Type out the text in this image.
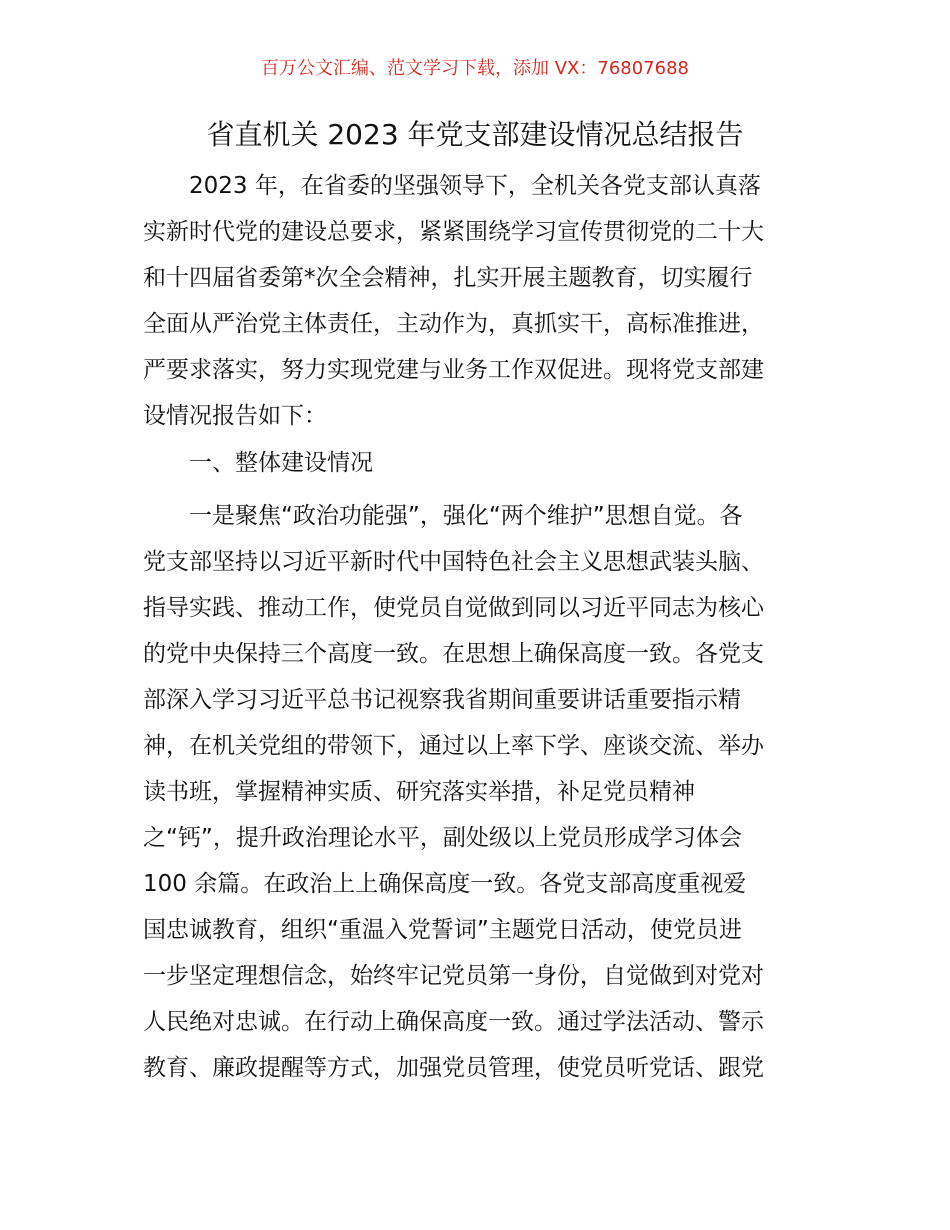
百万公文汇编、范文学习下载，添加 VX：76807688
省直机关 2023 年党支部建设情况总结报告
2023 年，在省委的坚强领导下，全机关各党支部认真落
实新时代党的建设总要求，紧紧围绕学习宣传贯彻党的二十大
和十四届省委第*次全会精神，扎实开展主题教育，切实履行
全面从严治党主体责任，主动作为，真抓实干，高标准推进，
严要求落实，努力实现党建与业务工作双促进。现将党支部建
设情况报告如下：
一、整体建设情况
一是聚焦“政治功能强”，强化“两个维护”思想自觉。各
党支部坚持以习近平新时代中国特色社会主义思想武装头脑、
指导实践、推动工作，使党员自觉做到同以习近平同志为核心
的党中央保持三个高度一致。在思想上确保高度一致。各党支
部深入学习习近平总书记视察我省期间重要讲话重要指示精
神，在机关党组的带领下，通过以上率下学、座谈交流、举办
读书班，掌握精神实质、研究落实举措，补足党员精神
之“钙”，提升政治理论水平，副处级以上党员形成学习体会
100 余篇。在政治上上确保高度一致。各党支部高度重视爱
国忠诚教育，组织“重温入党誓词”主题党日活动，使党员进
一步坚定理想信念，始终牢记党员第一身份，自觉做到对党对
人民绝对忠诚。在行动上确保高度一致。通过学法活动、警示
教育、廉政提醒等方式，加强党员管理，使党员听党话、跟党
